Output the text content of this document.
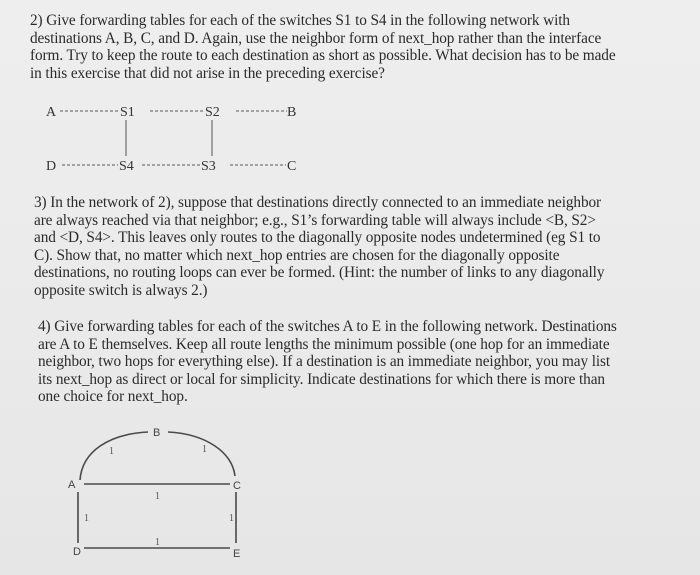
2) Give forwarding tables for each of the switches S1 to S4 in the following network with
destinations A, B, C, and D. Again, use the neighbor form of next_hop rather than the interface
form. Try to keep the route to each destination as short as possible. What decision has to be made
in this exercise that did not arise in the preceding exercise?
3) In the network of 2), suppose that destinations directly connected to an immediate neighbor
are always reached via that neighbor; e.g., S1’s forwarding table will always include <B, S2>
and <D, S4>. This leaves only routes to the diagonally opposite nodes undetermined (eg S1 to
C). Show that, no matter which next_hop entries are chosen for the diagonally opposite
destinations, no routing loops can ever be formed. (Hint: the number of links to any diagonally
opposite switch is always 2.)
4) Give forwarding tables for each of the switches A to E in the following network. Destinations
are A to E themselves. Keep all route lengths the minimum possible (one hop for an immediate
neighbor, two hops for everything else). If a destination is an immediate neighbor, you may list
its next_hop as direct or local for simplicity. Indicate destinations for which there is more than
one choice for next_hop.
A	S1	S2	B
D	S4	S3	C
A
B
C
D	E
1	1
1
1	1
1
